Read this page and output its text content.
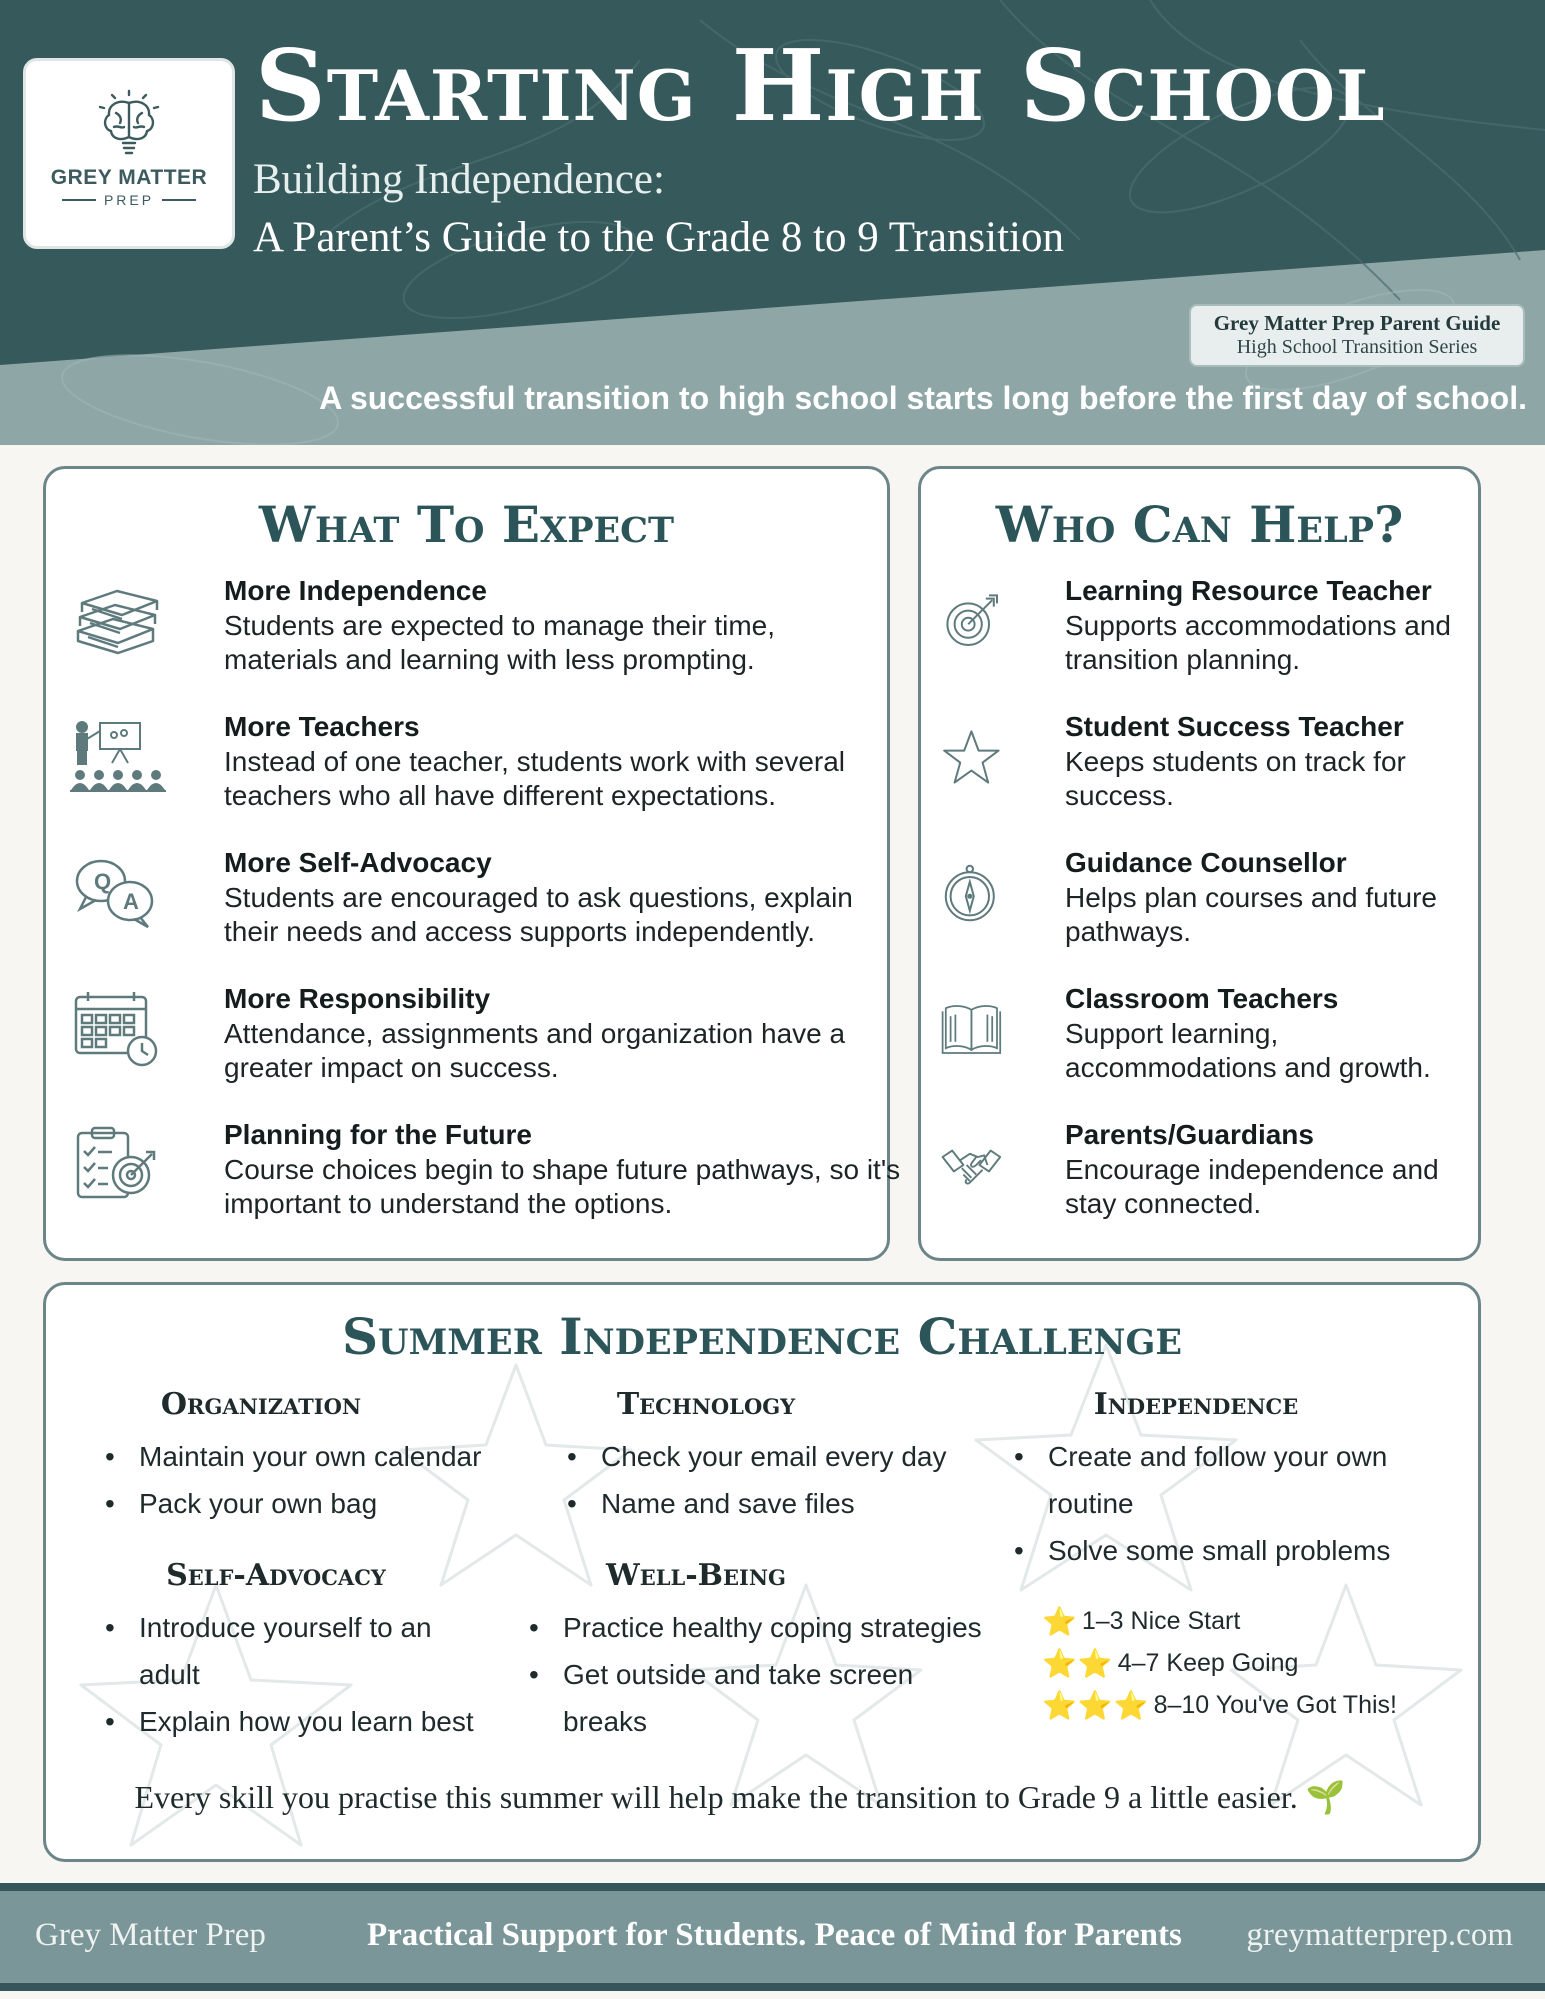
GREY MATTER
PREP
Starting High School
Building Independence:
A Parent’s Guide to the Grade 8 to 9 Transition
Grey Matter Prep Parent Guide
High School Transition Series
A successful transition to high school starts long before the first day of school.
What To Expect
More Independence
Students are expected to manage their time, materials and learning with less prompting.
More Teachers
Instead of one teacher, students work with several teachers who all have different expectations.
Q
A
More Self-Advocacy
Students are encouraged to ask questions, explain their needs and access supports independently.
More Responsibility
Attendance, assignments and organization have a greater impact on success.
Planning for the Future
Course choices begin to shape future pathways, so it's important to understand the options.
Who Can Help?
Learning Resource Teacher
Supports accommodations and transition planning.
Student Success Teacher
Keeps students on track for success.
Guidance Counsellor
Helps plan courses and future pathways.
Classroom Teachers
Support learning, accommodations and growth.
Parents/Guardians
Encourage independence and stay connected.
Summer Independence Challenge
Organization
• Maintain your own calendar
• Pack your own bag
Technology
• Check your email every day
• Name and save files
Independence
• Create and follow your own routine
• Solve some small problems
Self-Advocacy
• Introduce yourself to an adult
• Explain how you learn best
Well-Being
• Practice healthy coping strategies
• Get outside and take screen breaks
⭐ 1–3 Nice Start
⭐⭐ 4–7 Keep Going
⭐⭐⭐ 8–10 You've Got This!
Every skill you practise this summer will help make the transition to Grade 9 a little easier. 🌱
Grey Matter Prep	Practical Support for Students. Peace of Mind for Parents greymatterprep.com
